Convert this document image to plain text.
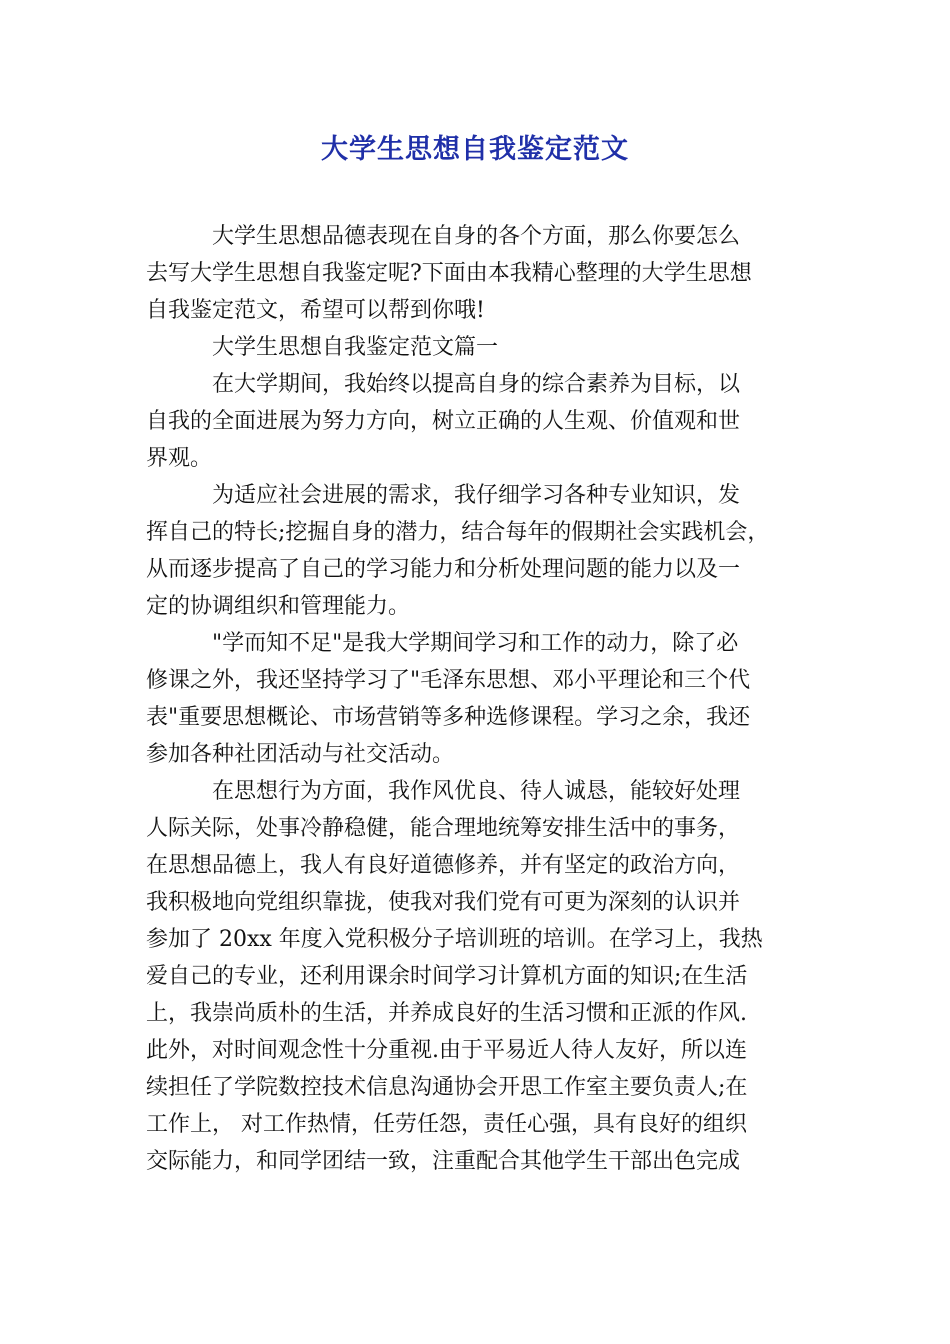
大学生思想自我鉴定范文
大学生思想品德表现在自身的各个方面，那么你要怎么
去写大学生思想自我鉴定呢?下面由本我精心整理的大学生思想
自我鉴定范文，希望可以帮到你哦!
大学生思想自我鉴定范文篇一
在大学期间，我始终以提高自身的综合素养为目标，以
自我的全面进展为努力方向，树立正确的人生观、价值观和世
界观。
为适应社会进展的需求，我仔细学习各种专业知识，发
挥自己的特长;挖掘自身的潜力，结合每年的假期社会实践机会，
从而逐步提高了自己的学习能力和分析处理问题的能力以及一
定的协调组织和管理能力。
"学而知不足"是我大学期间学习和工作的动力，除了必
修课之外，我还坚持学习了"毛泽东思想、邓小平理论和三个代
表"重要思想概论、市场营销等多种选修课程。学习之余，我还
参加各种社团活动与社交活动。
在思想行为方面，我作风优良、待人诚恳，能较好处理
人际关际，处事冷静稳健，能合理地统筹安排生活中的事务，
在思想品德上，我人有良好道德修养，并有坚定的政治方向，
我积极地向党组织靠拢，使我对我们党有可更为深刻的认识并
参加了 20xx 年度入党积极分子培训班的培训。在学习上，我热
爱自己的专业，还利用课余时间学习计算机方面的知识;在生活
上，我崇尚质朴的生活，并养成良好的生活习惯和正派的作风.
此外，对时间观念性十分重视.由于平易近人待人友好，所以连
续担任了学院数控技术信息沟通协会开思工作室主要负责人;在
工作上， 对工作热情，任劳任怨，责任心强，具有良好的组织
交际能力，和同学团结一致，注重配合其他学生干部出色完成
